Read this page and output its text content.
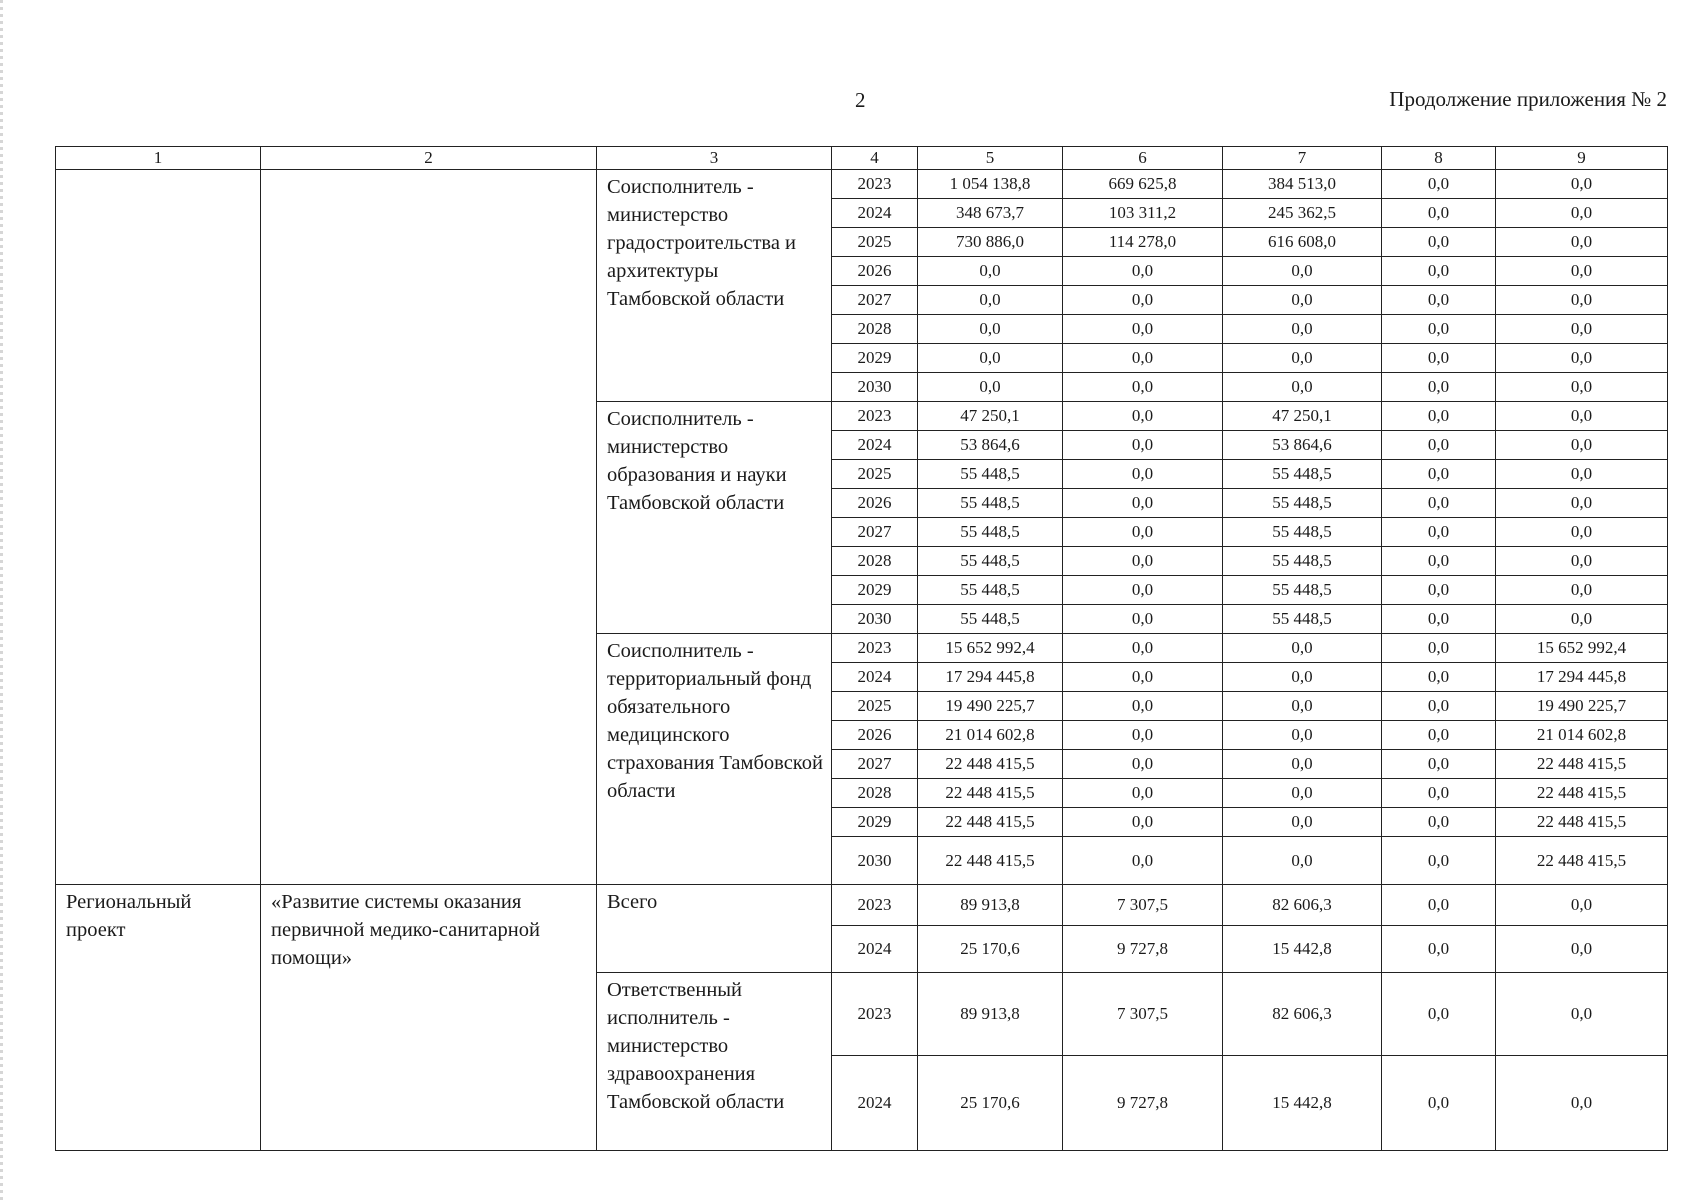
2	Продолжение приложения № 2
1	2	3	4	5	6	7	8	9
		Соисполнитель - министерство градостроительства и архитектуры Тамбовской области	2023	1 054 138,8	669 625,8	384 513,0	0,0	0,0
			2024	348 673,7	103 311,2	245 362,5	0,0	0,0
			2025	730 886,0	114 278,0	616 608,0	0,0	0,0
			2026	0,0	0,0	0,0	0,0	0,0
			2027	0,0	0,0	0,0	0,0	0,0
			2028	0,0	0,0	0,0	0,0	0,0
			2029	0,0	0,0	0,0	0,0	0,0
			2030	0,0	0,0	0,0	0,0	0,0
		Соисполнитель - министерство образования и науки Тамбовской области	2023	47 250,1	0,0	47 250,1	0,0	0,0
			2024	53 864,6	0,0	53 864,6	0,0	0,0
			2025	55 448,5	0,0	55 448,5	0,0	0,0
			2026	55 448,5	0,0	55 448,5	0,0	0,0
			2027	55 448,5	0,0	55 448,5	0,0	0,0
			2028	55 448,5	0,0	55 448,5	0,0	0,0
			2029	55 448,5	0,0	55 448,5	0,0	0,0
			2030	55 448,5	0,0	55 448,5	0,0	0,0
		Соисполнитель - территориальный фонд обязательного медицинского страхования Тамбовской области	2023	15 652 992,4	0,0	0,0	0,0	15 652 992,4
			2024	17 294 445,8	0,0	0,0	0,0	17 294 445,8
			2025	19 490 225,7	0,0	0,0	0,0	19 490 225,7
			2026	21 014 602,8	0,0	0,0	0,0	21 014 602,8
			2027	22 448 415,5	0,0	0,0	0,0	22 448 415,5
			2028	22 448 415,5	0,0	0,0	0,0	22 448 415,5
			2029	22 448 415,5	0,0	0,0	0,0	22 448 415,5
			2030	22 448 415,5	0,0	0,0	0,0	22 448 415,5
Региональный проект	«Развитие системы оказания первичной медико-санитарной помощи»	Всего	2023	89 913,8	7 307,5	82 606,3	0,0	0,0
			2024	25 170,6	9 727,8	15 442,8	0,0	0,0
		Ответственный исполнитель - министерство здравоохранения Тамбовской области	2023	89 913,8	7 307,5	82 606,3	0,0	0,0
			2024	25 170,6	9 727,8	15 442,8	0,0	0,0
